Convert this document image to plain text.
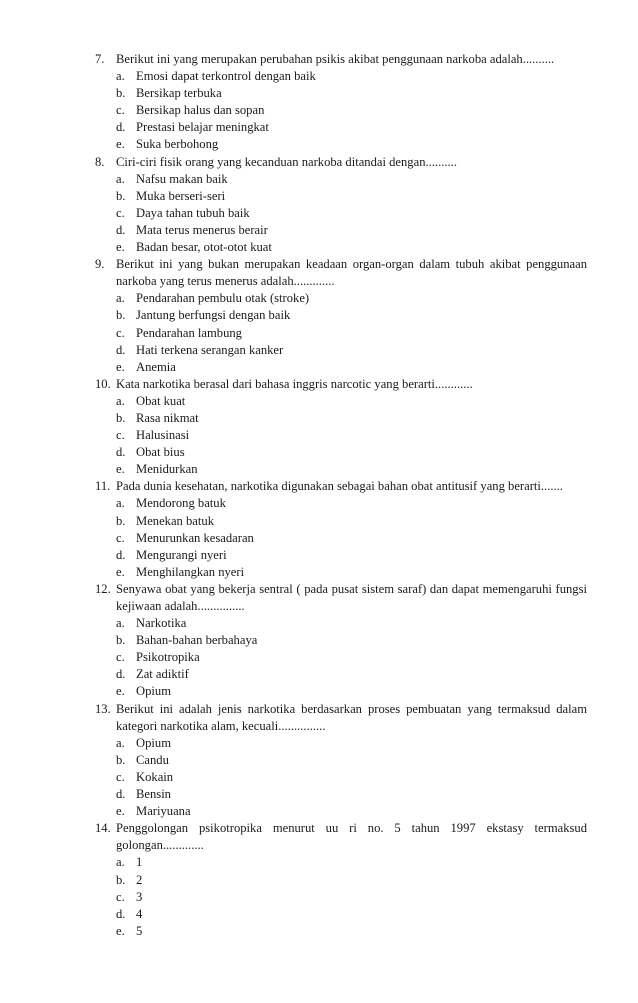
7. Berikut ini yang merupakan perubahan psikis akibat penggunaan narkoba adalah..........
a. Emosi dapat terkontrol dengan baik
b. Bersikap terbuka
c. Bersikap halus dan sopan
d. Prestasi belajar meningkat
e. Suka berbohong
8. Ciri-ciri fisik orang yang kecanduan narkoba ditandai dengan..........
a. Nafsu makan baik
b. Muka berseri-seri
c. Daya tahan tubuh baik
d. Mata terus menerus berair
e. Badan besar, otot-otot kuat
9. Berikut ini yang bukan merupakan keadaan organ-organ dalam tubuh akibat penggunaan narkoba yang terus menerus adalah.............
a. Pendarahan pembulu otak (stroke)
b. Jantung berfungsi dengan baik
c. Pendarahan lambung
d. Hati terkena serangan kanker
e. Anemia
10. Kata narkotika berasal dari bahasa inggris narcotic yang berarti............
a. Obat kuat
b. Rasa nikmat
c. Halusinasi
d. Obat bius
e. Menidurkan
11. Pada dunia kesehatan, narkotika digunakan sebagai bahan obat antitusif yang berarti.......
a. Mendorong batuk
b. Menekan batuk
c. Menurunkan kesadaran
d. Mengurangi nyeri
e. Menghilangkan nyeri
12. Senyawa obat yang bekerja sentral ( pada pusat sistem saraf) dan dapat memengaruhi fungsi kejiwaan adalah...............
a. Narkotika
b. Bahan-bahan berbahaya
c. Psikotropika
d. Zat adiktif
e. Opium
13. Berikut ini adalah jenis narkotika berdasarkan proses pembuatan yang termaksud dalam kategori narkotika alam, kecuali...............
a. Opium
b. Candu
c. Kokain
d. Bensin
e. Mariyuana
14. Penggolongan psikotropika menurut uu ri no. 5 tahun 1997 ekstasy termaksud golongan.............
a. 1
b. 2
c. 3
d. 4
e. 5
